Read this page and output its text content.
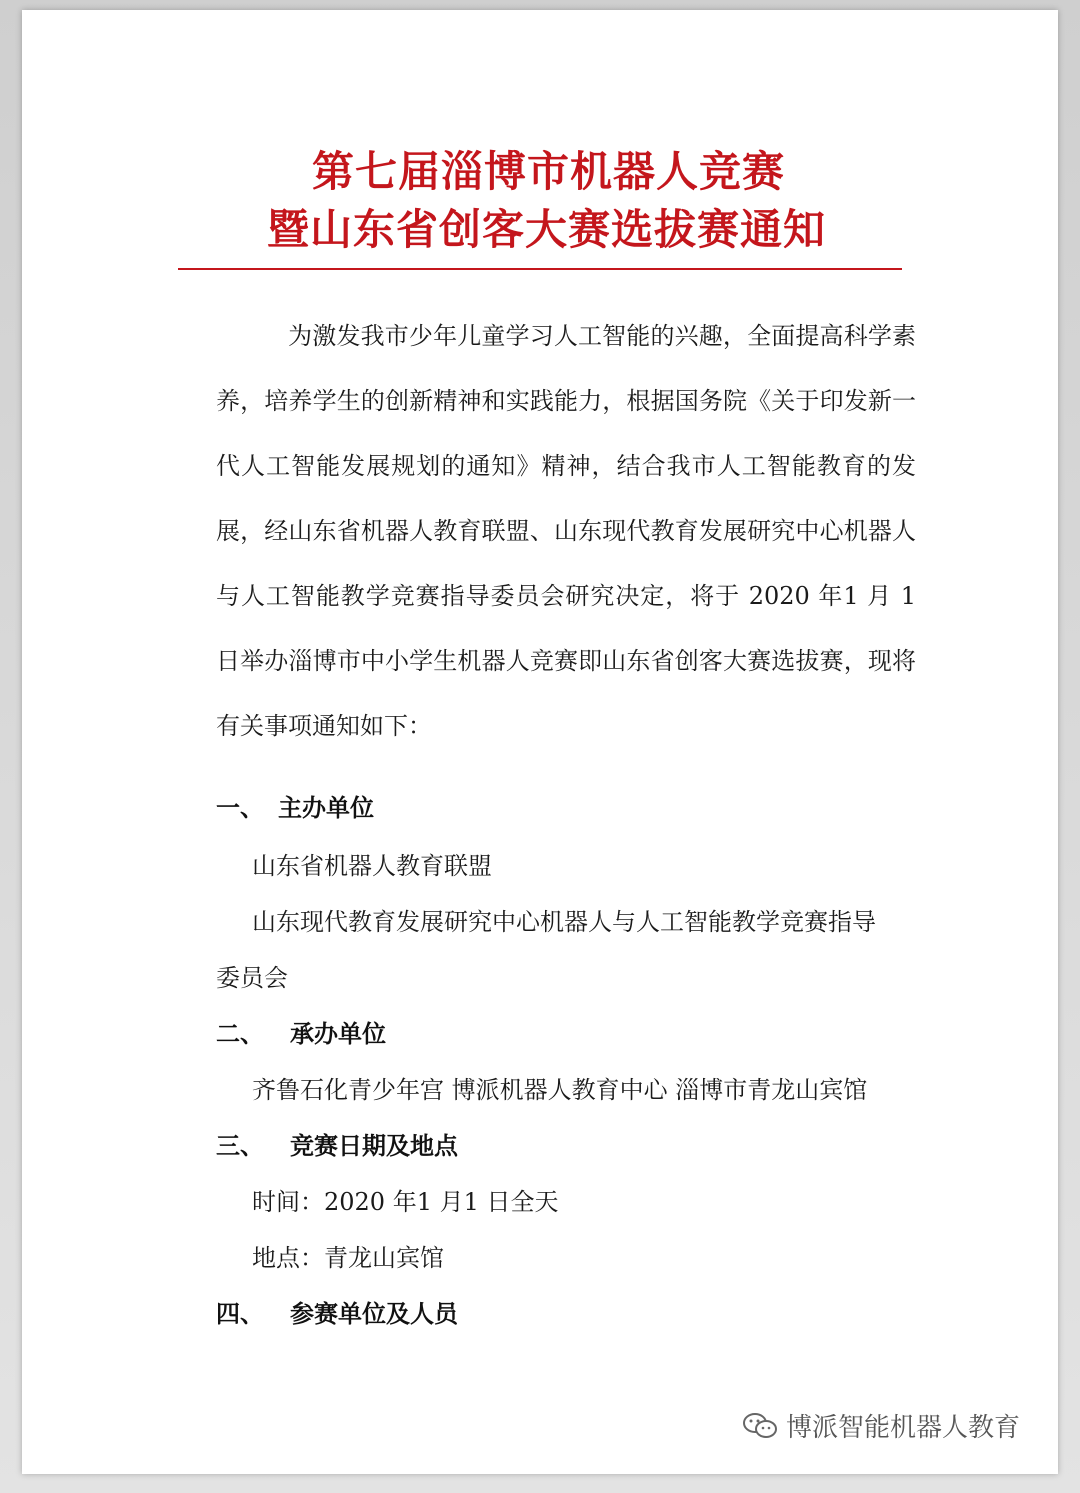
第七届淄博市机器人竞赛
暨山东省创客大赛选拔赛通知
为激发我市少年儿童学习人工智能的兴趣，全面提高科学素养，培养学生的创新精神和实践能力，根据国务院《关于印发新一代人工智能发展规划的通知》精神，结合我市人工智能教育的发展，经山东省机器人教育联盟、山东现代教育发展研究中心机器人与人工智能教学竞赛指导委员会研究决定，将于 2020 年1 月 1 日举办淄博市中小学生机器人竞赛即山东省创客大赛选拔赛，现将有关事项通知如下：
一、 主办单位
山东省机器人教育联盟
山东现代教育发展研究中心机器人与人工智能教学竞赛指导
委员会
二、 承办单位
齐鲁石化青少年宫 博派机器人教育中心 淄博市青龙山宾馆
三、 竞赛日期及地点
时间：2020 年1 月1 日全天
地点：青龙山宾馆
四、 参赛单位及人员
博派智能机器人教育
